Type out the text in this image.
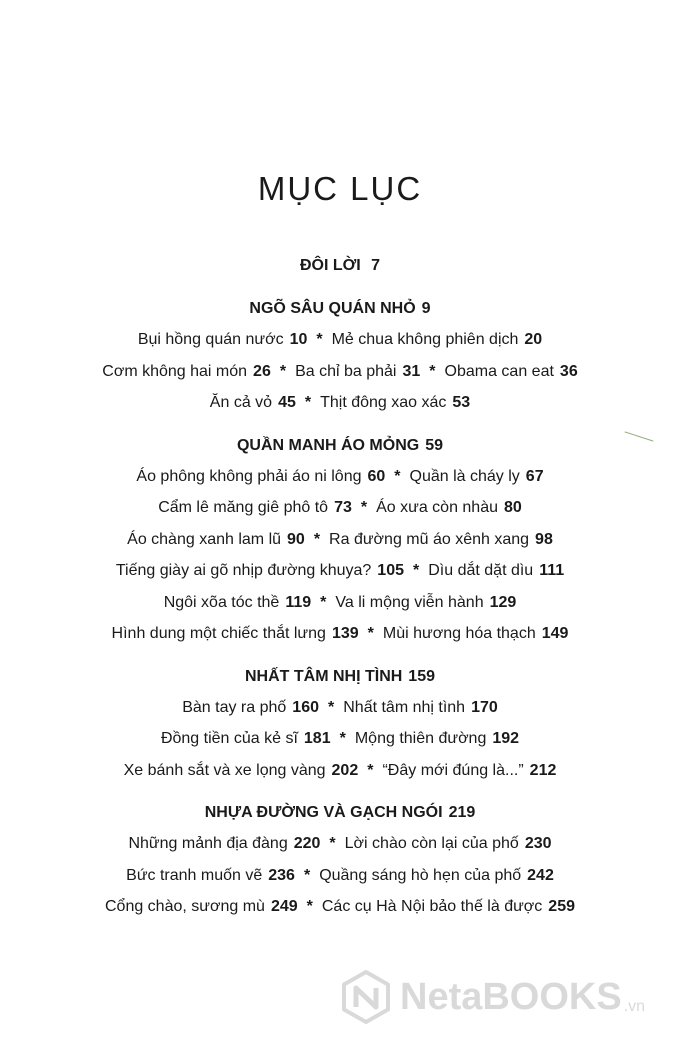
MỤC LỤC
ĐÔI LỜI 7
NGÕ SÂU QUÁN NHỎ 9
Bụi hồng quán nước 10 * Mẻ chua không phiên dịch 20
Cơm không hai món 26 * Ba chỉ ba phải 31 * Obama can eat 36
Ăn cả vỏ 45 * Thịt đông xao xác 53
QUẦN MANH ÁO MỎNG 59
Áo phông không phải áo ni lông 60 * Quần là cháy ly 67
Cẩm lê măng giê phô tô 73 * Áo xưa còn nhàu 80
Áo chàng xanh lam lũ 90 * Ra đường mũ áo xênh xang 98
Tiếng giày ai gõ nhịp đường khuya? 105 * Dìu dắt dặt dìu 111
Ngôi xõa tóc thề 119 * Va li mộng viễn hành 129
Hình dung một chiếc thắt lưng 139 * Mùi hương hóa thạch 149
NHẤT TÂM NHỊ TÌNH 159
Bàn tay ra phố 160 * Nhất tâm nhị tình 170
Đồng tiền của kẻ sĩ 181 * Mộng thiên đường 192
Xe bánh sắt và xe lọng vàng 202 * “Đây mới đúng là...” 212
NHỰA ĐƯỜNG VÀ GẠCH NGÓI 219
Những mảnh địa đàng 220 * Lời chào còn lại của phố 230
Bức tranh muốn vẽ 236 * Quầng sáng hò hẹn của phố 242
Cổng chào, sương mù 249 * Các cụ Hà Nội bảo thế là được 259
NetaBOOKS .vn
